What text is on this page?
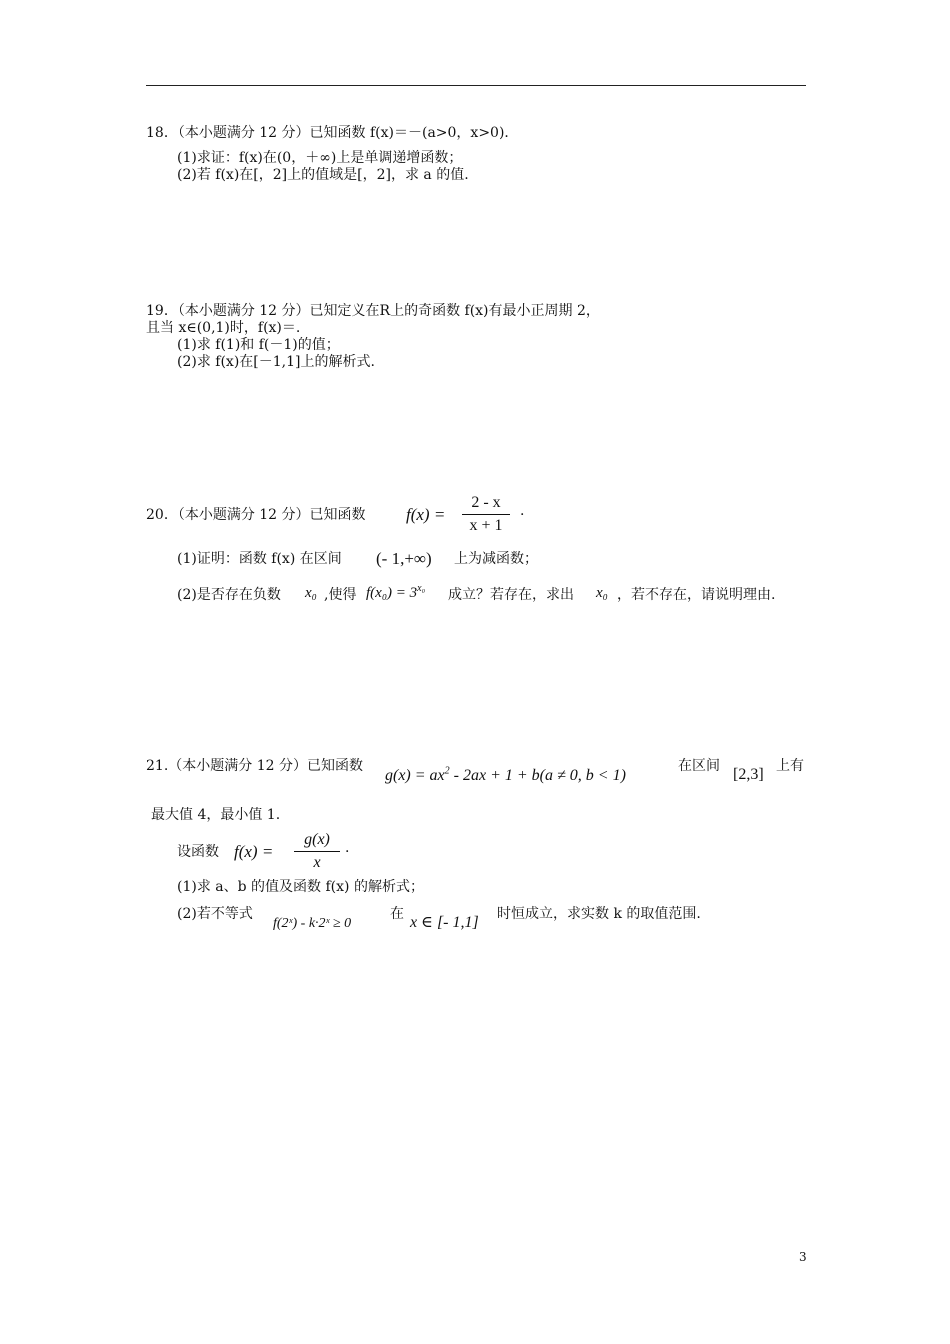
18．（本小题满分 12 分）已知函数 f(x)＝－(a>0，x>0)．
(1)求证：f(x)在(0，＋∞)上是单调递增函数；
(2)若 f(x)在[，2]上的值域是[，2]，求 a 的值.
19．（本小题满分 12 分）已知定义在R上的奇函数 f(x)有最小正周期 2，
且当 x∈(0,1)时，f(x)＝.
(1)求 f(1)和 f(－1)的值；
(2)求 f(x)在[－1,1]上的解析式.
20．（本小题满分 12 分）已知函数 f(x) =
2 - x
x + 1
·
(1)证明：函数 f(x) 在区间 (- 1,+∞) 上为减函数；
(2)是否存在负数 x₀ ,使得 $f(x_0) = 3^{x_0}$ 成立？若存在，求出 x₀ ，若不存在，请说明理由.
21.（本小题满分 12 分）已知函数
$g(x) = ax^2 - 2ax + 1 + b(a \ne 0$, b < 1)
在区间 [2,3] 上有
最大值 4，最小值 1.
设函数 f(x) =
g(x)
x
·
(1)求 a、b 的值及函数 f(x) 的解析式；
(2)若不等式
f(2ˣ) - k·2ˣ ≥ 0
在 x ∈ [- 1,1] 时恒成立，求实数 k 的取值范围.
3
